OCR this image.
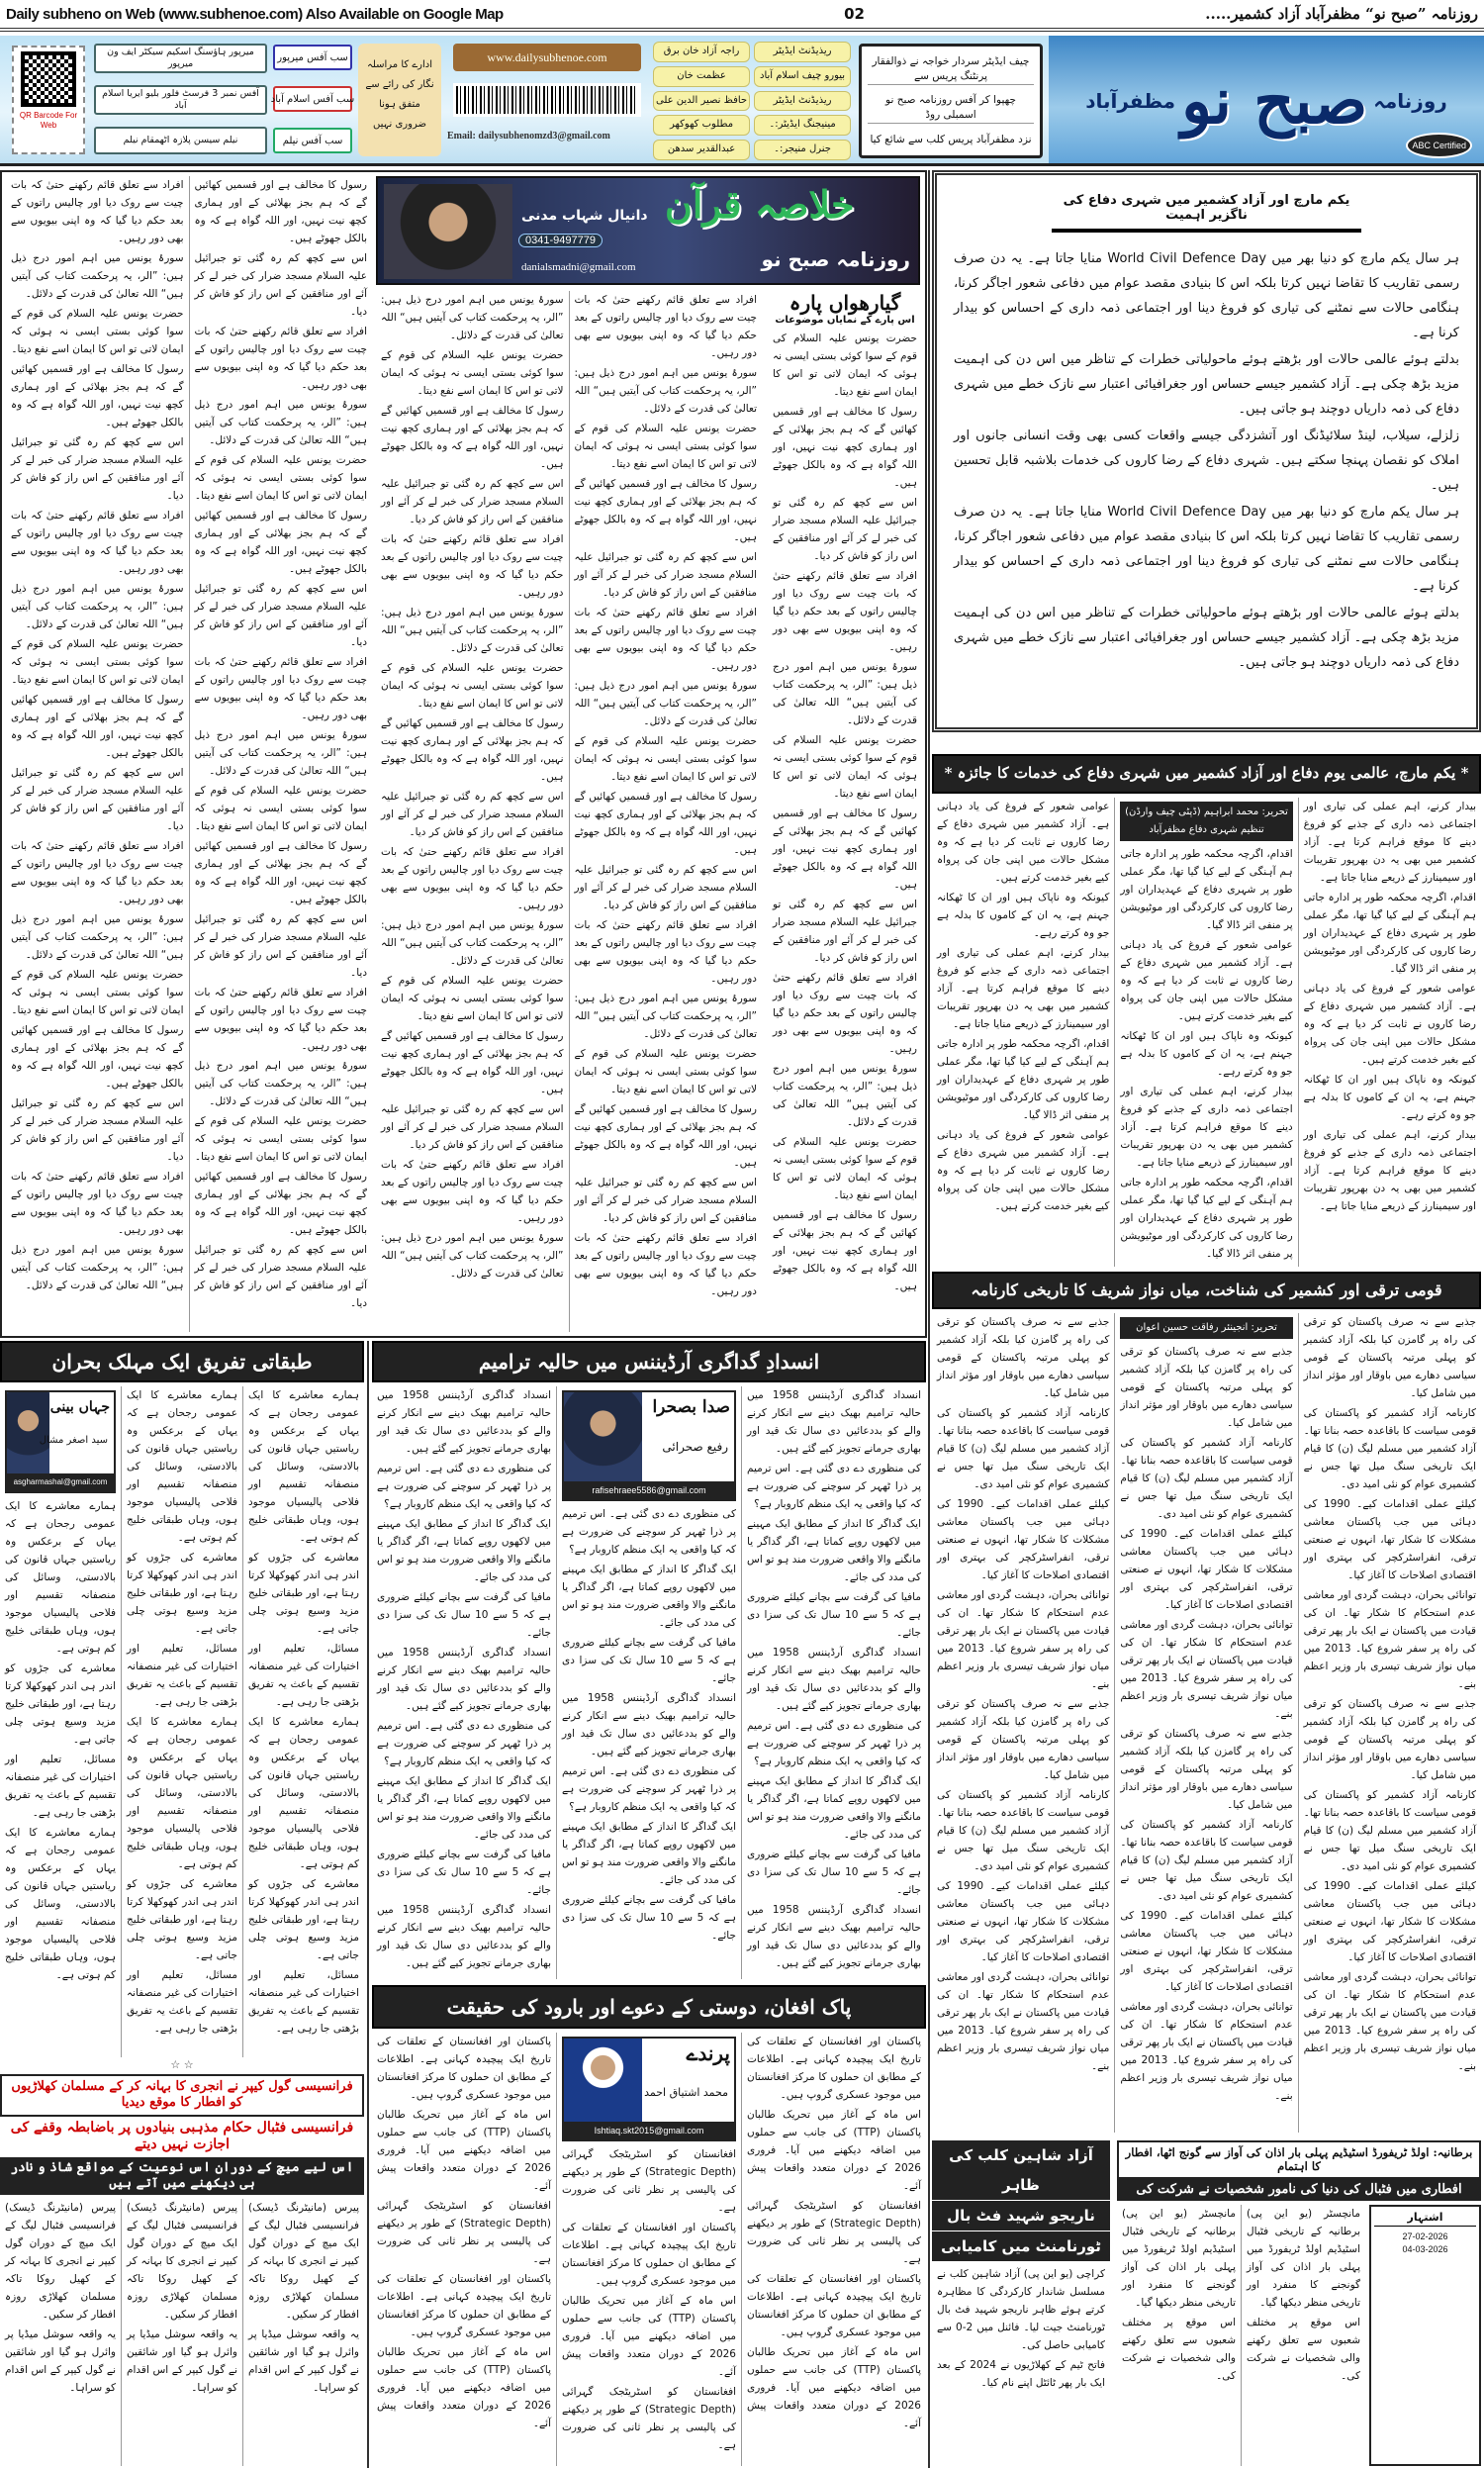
Daily subheno on Web (www.subhenoe.com) Also Available on Google Map	02	روزنامہ ”صبح نو“ مظفرآباد آزاد کشمیر.....
QR Barcode For Web
میرپور ہاؤسنگ اسکیم سیکٹر ایف ون میرپور
آفس نمبر 3 فرسٹ فلور بلیو ایریا اسلام آباد
نیلم سیسن پلازہ اٹھمقام نیلم
سب آفس میرپور
سب آفس اسلام آباد
سب آفس نیلم
ادارے کا مراسلہ نگار کی رائے سے متفق ہونا ضروری نہیں
www.dailysubhenoe.com
Email: dailysubhenomzd3@gmail.com
ریذیڈنٹ ایڈیٹر
راجہ آزاد خان برق
بیورو چیف اسلام آباد
عظمت خان
ریذیڈنٹ ایڈیٹر
حافظ نصیر الدین علی
مینیجنگ ایڈیٹر:۔
مطلوب کھوکھر
جنرل منیجر:۔
عبدالقدیر سدھن
چیف ایڈیٹر سردار خواجہ نے ذوالفقار پرنٹنگ پریس سے
چھپوا کر آفس روزنامہ صبح نو اسمبلی روڈ
نزد مظفرآباد پریس کلب سے شائع کیا
روزنامہ
صبح نو
مظفرآباد
ABC Certified

رسول کا مخالف ہے اور قسمیں کھائیں گے کہ ہم بجز بھلائی کے اور ہماری کچھ نیت نہیں، اور اللہ گواہ ہے کہ وہ بالکل جھوٹے ہیں۔

اس سے کچھ کم رہ گئی تو جبرائیل علیہ السلام مسجد ضرار کی خبر لے کر آئے اور منافقین کے اس راز کو فاش کر دیا۔

افراد سے تعلق قائم رکھنے حتیٰ کہ بات چیت سے روک دیا اور چالیس راتوں کے بعد حکم دیا گیا کہ وہ اپنی بیویوں سے بھی دور رہیں۔

سورۂ یونس میں اہم امور درج ذیل ہیں: ”الر، یہ پرحکمت کتاب کی آیتیں ہیں“ اللہ تعالیٰ کی قدرت کے دلائل۔

حضرت یونس علیہ السلام کی قوم کے سوا کوئی بستی ایسی نہ ہوئی کہ ایمان لاتی تو اس کا ایمان اسے نفع دیتا۔

رسول کا مخالف ہے اور قسمیں کھائیں گے کہ ہم بجز بھلائی کے اور ہماری کچھ نیت نہیں، اور اللہ گواہ ہے کہ وہ بالکل جھوٹے ہیں۔

اس سے کچھ کم رہ گئی تو جبرائیل علیہ السلام مسجد ضرار کی خبر لے کر آئے اور منافقین کے اس راز کو فاش کر دیا۔

افراد سے تعلق قائم رکھنے حتیٰ کہ بات چیت سے روک دیا اور چالیس راتوں کے بعد حکم دیا گیا کہ وہ اپنی بیویوں سے بھی دور رہیں۔

سورۂ یونس میں اہم امور درج ذیل ہیں: ”الر، یہ پرحکمت کتاب کی آیتیں ہیں“ اللہ تعالیٰ کی قدرت کے دلائل۔

حضرت یونس علیہ السلام کی قوم کے سوا کوئی بستی ایسی نہ ہوئی کہ ایمان لاتی تو اس کا ایمان اسے نفع دیتا۔

رسول کا مخالف ہے اور قسمیں کھائیں گے کہ ہم بجز بھلائی کے اور ہماری کچھ نیت نہیں، اور اللہ گواہ ہے کہ وہ بالکل جھوٹے ہیں۔

اس سے کچھ کم رہ گئی تو جبرائیل علیہ السلام مسجد ضرار کی خبر لے کر آئے اور منافقین کے اس راز کو فاش کر دیا۔

افراد سے تعلق قائم رکھنے حتیٰ کہ بات چیت سے روک دیا اور چالیس راتوں کے بعد حکم دیا گیا کہ وہ اپنی بیویوں سے بھی دور رہیں۔

سورۂ یونس میں اہم امور درج ذیل ہیں: ”الر، یہ پرحکمت کتاب کی آیتیں ہیں“ اللہ تعالیٰ کی قدرت کے دلائل۔

حضرت یونس علیہ السلام کی قوم کے سوا کوئی بستی ایسی نہ ہوئی کہ ایمان لاتی تو اس کا ایمان اسے نفع دیتا۔

رسول کا مخالف ہے اور قسمیں کھائیں گے کہ ہم بجز بھلائی کے اور ہماری کچھ نیت نہیں، اور اللہ گواہ ہے کہ وہ بالکل جھوٹے ہیں۔

اس سے کچھ کم رہ گئی تو جبرائیل علیہ السلام مسجد ضرار کی خبر لے کر آئے اور منافقین کے اس راز کو فاش کر دیا۔

افراد سے تعلق قائم رکھنے حتیٰ کہ بات چیت سے روک دیا اور چالیس راتوں کے بعد حکم دیا گیا کہ وہ اپنی بیویوں سے بھی دور رہیں۔

سورۂ یونس میں اہم امور درج ذیل ہیں: ”الر، یہ پرحکمت کتاب کی آیتیں ہیں“ اللہ تعالیٰ کی قدرت کے دلائل۔

حضرت یونس علیہ السلام کی قوم کے سوا کوئی بستی ایسی نہ ہوئی کہ ایمان لاتی تو اس کا ایمان اسے نفع دیتا۔

رسول کا مخالف ہے اور قسمیں کھائیں گے کہ ہم بجز بھلائی کے اور ہماری کچھ نیت نہیں، اور اللہ گواہ ہے کہ وہ بالکل جھوٹے ہیں۔

اس سے کچھ کم رہ گئی تو جبرائیل علیہ السلام مسجد ضرار کی خبر لے کر آئے اور منافقین کے اس راز کو فاش کر دیا۔

افراد سے تعلق قائم رکھنے حتیٰ کہ بات چیت سے روک دیا اور چالیس راتوں کے بعد حکم دیا گیا کہ وہ اپنی بیویوں سے بھی دور رہیں۔

سورۂ یونس میں اہم امور درج ذیل ہیں: ”الر، یہ پرحکمت کتاب کی آیتیں ہیں“ اللہ تعالیٰ کی قدرت کے دلائل۔

حضرت یونس علیہ السلام کی قوم کے سوا کوئی بستی ایسی نہ ہوئی کہ ایمان لاتی تو اس کا ایمان اسے نفع دیتا۔

رسول کا مخالف ہے اور قسمیں کھائیں گے کہ ہم بجز بھلائی کے اور ہماری کچھ نیت نہیں، اور اللہ گواہ ہے کہ وہ بالکل جھوٹے ہیں۔

اس سے کچھ کم رہ گئی تو جبرائیل علیہ السلام مسجد ضرار کی خبر لے کر آئے اور منافقین کے اس راز کو فاش کر دیا۔

افراد سے تعلق قائم رکھنے حتیٰ کہ بات چیت سے روک دیا اور چالیس راتوں کے بعد حکم دیا گیا کہ وہ اپنی بیویوں سے بھی دور رہیں۔

سورۂ یونس میں اہم امور درج ذیل ہیں: ”الر، یہ پرحکمت کتاب کی آیتیں ہیں“ اللہ تعالیٰ کی قدرت کے دلائل۔

حضرت یونس علیہ السلام کی قوم کے سوا کوئی بستی ایسی نہ ہوئی کہ ایمان لاتی تو اس کا ایمان اسے نفع دیتا۔

رسول کا مخالف ہے اور قسمیں کھائیں گے کہ ہم بجز بھلائی کے اور ہماری کچھ نیت نہیں، اور اللہ گواہ ہے کہ وہ بالکل جھوٹے ہیں۔

اس سے کچھ کم رہ گئی تو جبرائیل علیہ السلام مسجد ضرار کی خبر لے کر آئے اور منافقین کے اس راز کو فاش کر دیا۔

افراد سے تعلق قائم رکھنے حتیٰ کہ بات چیت سے روک دیا اور چالیس راتوں کے بعد حکم دیا گیا کہ وہ اپنی بیویوں سے بھی دور رہیں۔

سورۂ یونس میں اہم امور درج ذیل ہیں: ”الر، یہ پرحکمت کتاب کی آیتیں ہیں“ اللہ تعالیٰ کی قدرت کے دلائل۔

دانیال شہاب مدنی
0341-9497779
danialsmadni@gmail.com
خلاصہ قرآن
روزنامہ صبح نو

افراد سے تعلق قائم رکھنے حتیٰ کہ بات چیت سے روک دیا اور چالیس راتوں کے بعد حکم دیا گیا کہ وہ اپنی بیویوں سے بھی دور رہیں۔

سورۂ یونس میں اہم امور درج ذیل ہیں: ”الر، یہ پرحکمت کتاب کی آیتیں ہیں“ اللہ تعالیٰ کی قدرت کے دلائل۔

حضرت یونس علیہ السلام کی قوم کے سوا کوئی بستی ایسی نہ ہوئی کہ ایمان لاتی تو اس کا ایمان اسے نفع دیتا۔

رسول کا مخالف ہے اور قسمیں کھائیں گے کہ ہم بجز بھلائی کے اور ہماری کچھ نیت نہیں، اور اللہ گواہ ہے کہ وہ بالکل جھوٹے ہیں۔

اس سے کچھ کم رہ گئی تو جبرائیل علیہ السلام مسجد ضرار کی خبر لے کر آئے اور منافقین کے اس راز کو فاش کر دیا۔

افراد سے تعلق قائم رکھنے حتیٰ کہ بات چیت سے روک دیا اور چالیس راتوں کے بعد حکم دیا گیا کہ وہ اپنی بیویوں سے بھی دور رہیں۔

سورۂ یونس میں اہم امور درج ذیل ہیں: ”الر، یہ پرحکمت کتاب کی آیتیں ہیں“ اللہ تعالیٰ کی قدرت کے دلائل۔

حضرت یونس علیہ السلام کی قوم کے سوا کوئی بستی ایسی نہ ہوئی کہ ایمان لاتی تو اس کا ایمان اسے نفع دیتا۔

رسول کا مخالف ہے اور قسمیں کھائیں گے کہ ہم بجز بھلائی کے اور ہماری کچھ نیت نہیں، اور اللہ گواہ ہے کہ وہ بالکل جھوٹے ہیں۔

اس سے کچھ کم رہ گئی تو جبرائیل علیہ السلام مسجد ضرار کی خبر لے کر آئے اور منافقین کے اس راز کو فاش کر دیا۔

افراد سے تعلق قائم رکھنے حتیٰ کہ بات چیت سے روک دیا اور چالیس راتوں کے بعد حکم دیا گیا کہ وہ اپنی بیویوں سے بھی دور رہیں۔

سورۂ یونس میں اہم امور درج ذیل ہیں: ”الر، یہ پرحکمت کتاب کی آیتیں ہیں“ اللہ تعالیٰ کی قدرت کے دلائل۔

حضرت یونس علیہ السلام کی قوم کے سوا کوئی بستی ایسی نہ ہوئی کہ ایمان لاتی تو اس کا ایمان اسے نفع دیتا۔

رسول کا مخالف ہے اور قسمیں کھائیں گے کہ ہم بجز بھلائی کے اور ہماری کچھ نیت نہیں، اور اللہ گواہ ہے کہ وہ بالکل جھوٹے ہیں۔

اس سے کچھ کم رہ گئی تو جبرائیل علیہ السلام مسجد ضرار کی خبر لے کر آئے اور منافقین کے اس راز کو فاش کر دیا۔

افراد سے تعلق قائم رکھنے حتیٰ کہ بات چیت سے روک دیا اور چالیس راتوں کے بعد حکم دیا گیا کہ وہ اپنی بیویوں سے بھی دور رہیں۔

سورۂ یونس میں اہم امور درج ذیل ہیں: ”الر، یہ پرحکمت کتاب کی آیتیں ہیں“ اللہ تعالیٰ کی قدرت کے دلائل۔

حضرت یونس علیہ السلام کی قوم کے سوا کوئی بستی ایسی نہ ہوئی کہ ایمان لاتی تو اس کا ایمان اسے نفع دیتا۔

رسول کا مخالف ہے اور قسمیں کھائیں گے کہ ہم بجز بھلائی کے اور ہماری کچھ نیت نہیں، اور اللہ گواہ ہے کہ وہ بالکل جھوٹے ہیں۔

اس سے کچھ کم رہ گئی تو جبرائیل علیہ السلام مسجد ضرار کی خبر لے کر آئے اور منافقین کے اس راز کو فاش کر دیا۔

افراد سے تعلق قائم رکھنے حتیٰ کہ بات چیت سے روک دیا اور چالیس راتوں کے بعد حکم دیا گیا کہ وہ اپنی بیویوں سے بھی دور رہیں۔

سورۂ یونس میں اہم امور درج ذیل ہیں: ”الر، یہ پرحکمت کتاب کی آیتیں ہیں“ اللہ تعالیٰ کی قدرت کے دلائل۔

حضرت یونس علیہ السلام کی قوم کے سوا کوئی بستی ایسی نہ ہوئی کہ ایمان لاتی تو اس کا ایمان اسے نفع دیتا۔

رسول کا مخالف ہے اور قسمیں کھائیں گے کہ ہم بجز بھلائی کے اور ہماری کچھ نیت نہیں، اور اللہ گواہ ہے کہ وہ بالکل جھوٹے ہیں۔

اس سے کچھ کم رہ گئی تو جبرائیل علیہ السلام مسجد ضرار کی خبر لے کر آئے اور منافقین کے اس راز کو فاش کر دیا۔

افراد سے تعلق قائم رکھنے حتیٰ کہ بات چیت سے روک دیا اور چالیس راتوں کے بعد حکم دیا گیا کہ وہ اپنی بیویوں سے بھی دور رہیں۔

سورۂ یونس میں اہم امور درج ذیل ہیں: ”الر، یہ پرحکمت کتاب کی آیتیں ہیں“ اللہ تعالیٰ کی قدرت کے دلائل۔

حضرت یونس علیہ السلام کی قوم کے سوا کوئی بستی ایسی نہ ہوئی کہ ایمان لاتی تو اس کا ایمان اسے نفع دیتا۔

رسول کا مخالف ہے اور قسمیں کھائیں گے کہ ہم بجز بھلائی کے اور ہماری کچھ نیت نہیں، اور اللہ گواہ ہے کہ وہ بالکل جھوٹے ہیں۔

اس سے کچھ کم رہ گئی تو جبرائیل علیہ السلام مسجد ضرار کی خبر لے کر آئے اور منافقین کے اس راز کو فاش کر دیا۔

افراد سے تعلق قائم رکھنے حتیٰ کہ بات چیت سے روک دیا اور چالیس راتوں کے بعد حکم دیا گیا کہ وہ اپنی بیویوں سے بھی دور رہیں۔

سورۂ یونس میں اہم امور درج ذیل ہیں: ”الر، یہ پرحکمت کتاب کی آیتیں ہیں“ اللہ تعالیٰ کی قدرت کے دلائل۔

گیارھواں پارہ
اس پارے کے نمایاں موضوعات

حضرت یونس علیہ السلام کی قوم کے سوا کوئی بستی ایسی نہ ہوئی کہ ایمان لاتی تو اس کا ایمان اسے نفع دیتا۔

رسول کا مخالف ہے اور قسمیں کھائیں گے کہ ہم بجز بھلائی کے اور ہماری کچھ نیت نہیں، اور اللہ گواہ ہے کہ وہ بالکل جھوٹے ہیں۔

اس سے کچھ کم رہ گئی تو جبرائیل علیہ السلام مسجد ضرار کی خبر لے کر آئے اور منافقین کے اس راز کو فاش کر دیا۔

افراد سے تعلق قائم رکھنے حتیٰ کہ بات چیت سے روک دیا اور چالیس راتوں کے بعد حکم دیا گیا کہ وہ اپنی بیویوں سے بھی دور رہیں۔

سورۂ یونس میں اہم امور درج ذیل ہیں: ”الر، یہ پرحکمت کتاب کی آیتیں ہیں“ اللہ تعالیٰ کی قدرت کے دلائل۔

حضرت یونس علیہ السلام کی قوم کے سوا کوئی بستی ایسی نہ ہوئی کہ ایمان لاتی تو اس کا ایمان اسے نفع دیتا۔

رسول کا مخالف ہے اور قسمیں کھائیں گے کہ ہم بجز بھلائی کے اور ہماری کچھ نیت نہیں، اور اللہ گواہ ہے کہ وہ بالکل جھوٹے ہیں۔

اس سے کچھ کم رہ گئی تو جبرائیل علیہ السلام مسجد ضرار کی خبر لے کر آئے اور منافقین کے اس راز کو فاش کر دیا۔

افراد سے تعلق قائم رکھنے حتیٰ کہ بات چیت سے روک دیا اور چالیس راتوں کے بعد حکم دیا گیا کہ وہ اپنی بیویوں سے بھی دور رہیں۔

سورۂ یونس میں اہم امور درج ذیل ہیں: ”الر، یہ پرحکمت کتاب کی آیتیں ہیں“ اللہ تعالیٰ کی قدرت کے دلائل۔

حضرت یونس علیہ السلام کی قوم کے سوا کوئی بستی ایسی نہ ہوئی کہ ایمان لاتی تو اس کا ایمان اسے نفع دیتا۔

رسول کا مخالف ہے اور قسمیں کھائیں گے کہ ہم بجز بھلائی کے اور ہماری کچھ نیت نہیں، اور اللہ گواہ ہے کہ وہ بالکل جھوٹے ہیں۔

یکم مارچ اور آزاد کشمیر میں شہری دفاع کی ناگزیر اہمیت

ہر سال یکم مارچ کو دنیا بھر میں World Civil Defence Day منایا جاتا ہے۔ یہ دن صرف رسمی تقاریب کا تقاضا نہیں کرتا بلکہ اس کا بنیادی مقصد عوام میں دفاعی شعور اجاگر کرنا، ہنگامی حالات سے نمٹنے کی تیاری کو فروغ دینا اور اجتماعی ذمہ داری کے احساس کو بیدار کرنا ہے۔

بدلتے ہوئے عالمی حالات اور بڑھتے ہوئے ماحولیاتی خطرات کے تناظر میں اس دن کی اہمیت مزید بڑھ چکی ہے۔ آزاد کشمیر جیسے حساس اور جغرافیائی اعتبار سے نازک خطے میں شہری دفاع کی ذمہ داریاں دوچند ہو جاتی ہیں۔

زلزلے، سیلاب، لینڈ سلائیڈنگ اور آتشزدگی جیسے واقعات کسی بھی وقت انسانی جانوں اور املاک کو نقصان پہنچا سکتے ہیں۔ شہری دفاع کے رضا کاروں کی خدمات بلاشبہ قابل تحسین ہیں۔

ہر سال یکم مارچ کو دنیا بھر میں World Civil Defence Day منایا جاتا ہے۔ یہ دن صرف رسمی تقاریب کا تقاضا نہیں کرتا بلکہ اس کا بنیادی مقصد عوام میں دفاعی شعور اجاگر کرنا، ہنگامی حالات سے نمٹنے کی تیاری کو فروغ دینا اور اجتماعی ذمہ داری کے احساس کو بیدار کرنا ہے۔

بدلتے ہوئے عالمی حالات اور بڑھتے ہوئے ماحولیاتی خطرات کے تناظر میں اس دن کی اہمیت مزید بڑھ چکی ہے۔ آزاد کشمیر جیسے حساس اور جغرافیائی اعتبار سے نازک خطے میں شہری دفاع کی ذمہ داریاں دوچند ہو جاتی ہیں۔

* یکم مارچ، عالمی یوم دفاع اور آزاد کشمیر میں شہری دفاع کی خدمات کا جائزہ *

بیدار کرنے، اہم عملی کی تیاری اور اجتماعی ذمہ داری کے جذبے کو فروغ دینے کا موقع فراہم کرتا ہے۔ آزاد کشمیر میں بھی یہ دن بھرپور تقریبات اور سیمینارز کے ذریعے منایا جاتا ہے۔

اقدام، اگرچہ محکمہ طور پر ادارہ جاتی ہم آہنگی کے لیے کیا گیا تھا، مگر عملی طور پر شہری دفاع کے عہدیداران اور رضا کاروں کی کارکردگی اور موٹیویشن پر منفی اثر ڈالا گیا۔

عوامی شعور کے فروغ کی یاد دہانی ہے۔ آزاد کشمیر میں شہری دفاع کے رضا کاروں نے ثابت کر دیا ہے کہ وہ مشکل حالات میں اپنی جان کی پرواہ کیے بغیر خدمت کرتے ہیں۔

کیونکہ وہ ناپاک ہیں اور ان کا ٹھکانہ جہنم ہے، یہ ان کے کاموں کا بدلہ ہے جو وہ کرتے رہے۔

بیدار کرنے، اہم عملی کی تیاری اور اجتماعی ذمہ داری کے جذبے کو فروغ دینے کا موقع فراہم کرتا ہے۔ آزاد کشمیر میں بھی یہ دن بھرپور تقریبات اور سیمینارز کے ذریعے منایا جاتا ہے۔

تحریر: محمد ابراہیم (ڈپٹی چیف وارڈن)
تنظیم شہری دفاع مظفرآباد

اقدام، اگرچہ محکمہ طور پر ادارہ جاتی ہم آہنگی کے لیے کیا گیا تھا، مگر عملی طور پر شہری دفاع کے عہدیداران اور رضا کاروں کی کارکردگی اور موٹیویشن پر منفی اثر ڈالا گیا۔

عوامی شعور کے فروغ کی یاد دہانی ہے۔ آزاد کشمیر میں شہری دفاع کے رضا کاروں نے ثابت کر دیا ہے کہ وہ مشکل حالات میں اپنی جان کی پرواہ کیے بغیر خدمت کرتے ہیں۔

کیونکہ وہ ناپاک ہیں اور ان کا ٹھکانہ جہنم ہے، یہ ان کے کاموں کا بدلہ ہے جو وہ کرتے رہے۔

بیدار کرنے، اہم عملی کی تیاری اور اجتماعی ذمہ داری کے جذبے کو فروغ دینے کا موقع فراہم کرتا ہے۔ آزاد کشمیر میں بھی یہ دن بھرپور تقریبات اور سیمینارز کے ذریعے منایا جاتا ہے۔

اقدام، اگرچہ محکمہ طور پر ادارہ جاتی ہم آہنگی کے لیے کیا گیا تھا، مگر عملی طور پر شہری دفاع کے عہدیداران اور رضا کاروں کی کارکردگی اور موٹیویشن پر منفی اثر ڈالا گیا۔

عوامی شعور کے فروغ کی یاد دہانی ہے۔ آزاد کشمیر میں شہری دفاع کے رضا کاروں نے ثابت کر دیا ہے کہ وہ مشکل حالات میں اپنی جان کی پرواہ کیے بغیر خدمت کرتے ہیں۔

کیونکہ وہ ناپاک ہیں اور ان کا ٹھکانہ جہنم ہے، یہ ان کے کاموں کا بدلہ ہے جو وہ کرتے رہے۔

بیدار کرنے، اہم عملی کی تیاری اور اجتماعی ذمہ داری کے جذبے کو فروغ دینے کا موقع فراہم کرتا ہے۔ آزاد کشمیر میں بھی یہ دن بھرپور تقریبات اور سیمینارز کے ذریعے منایا جاتا ہے۔

اقدام، اگرچہ محکمہ طور پر ادارہ جاتی ہم آہنگی کے لیے کیا گیا تھا، مگر عملی طور پر شہری دفاع کے عہدیداران اور رضا کاروں کی کارکردگی اور موٹیویشن پر منفی اثر ڈالا گیا۔

عوامی شعور کے فروغ کی یاد دہانی ہے۔ آزاد کشمیر میں شہری دفاع کے رضا کاروں نے ثابت کر دیا ہے کہ وہ مشکل حالات میں اپنی جان کی پرواہ کیے بغیر خدمت کرتے ہیں۔

قومی ترقی اور کشمیر کی شناخت، میاں نواز شریف کا تاریخی کارنامہ

جذبے سے نہ صرف پاکستان کو ترقی کی راہ پر گامزن کیا بلکہ آزاد کشمیر کو پہلی مرتبہ پاکستان کے قومی سیاسی دھارے میں باوقار اور مؤثر انداز میں شامل کیا۔

کارنامہ آزاد کشمیر کو پاکستان کی قومی سیاست کا باقاعدہ حصہ بنانا تھا۔ آزاد کشمیر میں مسلم لیگ (ن) کا قیام ایک تاریخی سنگ میل تھا جس نے کشمیری عوام کو نئی امید دی۔

کیلئے عملی اقدامات کیے۔ 1990 کی دہائی میں جب پاکستان معاشی مشکلات کا شکار تھا، انہوں نے صنعتی ترقی، انفراسٹرکچر کی بہتری اور اقتصادی اصلاحات کا آغاز کیا۔

توانائی بحران، دہشت گردی اور معاشی عدم استحکام کا شکار تھا۔ ان کی قیادت میں پاکستان نے ایک بار پھر ترقی کی راہ پر سفر شروع کیا۔ 2013 میں میاں نواز شریف تیسری بار وزیر اعظم بنے۔

جذبے سے نہ صرف پاکستان کو ترقی کی راہ پر گامزن کیا بلکہ آزاد کشمیر کو پہلی مرتبہ پاکستان کے قومی سیاسی دھارے میں باوقار اور مؤثر انداز میں شامل کیا۔

کارنامہ آزاد کشمیر کو پاکستان کی قومی سیاست کا باقاعدہ حصہ بنانا تھا۔ آزاد کشمیر میں مسلم لیگ (ن) کا قیام ایک تاریخی سنگ میل تھا جس نے کشمیری عوام کو نئی امید دی۔

کیلئے عملی اقدامات کیے۔ 1990 کی دہائی میں جب پاکستان معاشی مشکلات کا شکار تھا، انہوں نے صنعتی ترقی، انفراسٹرکچر کی بہتری اور اقتصادی اصلاحات کا آغاز کیا۔

توانائی بحران، دہشت گردی اور معاشی عدم استحکام کا شکار تھا۔ ان کی قیادت میں پاکستان نے ایک بار پھر ترقی کی راہ پر سفر شروع کیا۔ 2013 میں میاں نواز شریف تیسری بار وزیر اعظم بنے۔

تحریر: انجینئر رفاقت حسین اعوان

جذبے سے نہ صرف پاکستان کو ترقی کی راہ پر گامزن کیا بلکہ آزاد کشمیر کو پہلی مرتبہ پاکستان کے قومی سیاسی دھارے میں باوقار اور مؤثر انداز میں شامل کیا۔

کارنامہ آزاد کشمیر کو پاکستان کی قومی سیاست کا باقاعدہ حصہ بنانا تھا۔ آزاد کشمیر میں مسلم لیگ (ن) کا قیام ایک تاریخی سنگ میل تھا جس نے کشمیری عوام کو نئی امید دی۔

کیلئے عملی اقدامات کیے۔ 1990 کی دہائی میں جب پاکستان معاشی مشکلات کا شکار تھا، انہوں نے صنعتی ترقی، انفراسٹرکچر کی بہتری اور اقتصادی اصلاحات کا آغاز کیا۔

توانائی بحران، دہشت گردی اور معاشی عدم استحکام کا شکار تھا۔ ان کی قیادت میں پاکستان نے ایک بار پھر ترقی کی راہ پر سفر شروع کیا۔ 2013 میں میاں نواز شریف تیسری بار وزیر اعظم بنے۔

جذبے سے نہ صرف پاکستان کو ترقی کی راہ پر گامزن کیا بلکہ آزاد کشمیر کو پہلی مرتبہ پاکستان کے قومی سیاسی دھارے میں باوقار اور مؤثر انداز میں شامل کیا۔

کارنامہ آزاد کشمیر کو پاکستان کی قومی سیاست کا باقاعدہ حصہ بنانا تھا۔ آزاد کشمیر میں مسلم لیگ (ن) کا قیام ایک تاریخی سنگ میل تھا جس نے کشمیری عوام کو نئی امید دی۔

کیلئے عملی اقدامات کیے۔ 1990 کی دہائی میں جب پاکستان معاشی مشکلات کا شکار تھا، انہوں نے صنعتی ترقی، انفراسٹرکچر کی بہتری اور اقتصادی اصلاحات کا آغاز کیا۔

توانائی بحران، دہشت گردی اور معاشی عدم استحکام کا شکار تھا۔ ان کی قیادت میں پاکستان نے ایک بار پھر ترقی کی راہ پر سفر شروع کیا۔ 2013 میں میاں نواز شریف تیسری بار وزیر اعظم بنے۔

جذبے سے نہ صرف پاکستان کو ترقی کی راہ پر گامزن کیا بلکہ آزاد کشمیر کو پہلی مرتبہ پاکستان کے قومی سیاسی دھارے میں باوقار اور مؤثر انداز میں شامل کیا۔

کارنامہ آزاد کشمیر کو پاکستان کی قومی سیاست کا باقاعدہ حصہ بنانا تھا۔ آزاد کشمیر میں مسلم لیگ (ن) کا قیام ایک تاریخی سنگ میل تھا جس نے کشمیری عوام کو نئی امید دی۔

کیلئے عملی اقدامات کیے۔ 1990 کی دہائی میں جب پاکستان معاشی مشکلات کا شکار تھا، انہوں نے صنعتی ترقی، انفراسٹرکچر کی بہتری اور اقتصادی اصلاحات کا آغاز کیا۔

توانائی بحران، دہشت گردی اور معاشی عدم استحکام کا شکار تھا۔ ان کی قیادت میں پاکستان نے ایک بار پھر ترقی کی راہ پر سفر شروع کیا۔ 2013 میں میاں نواز شریف تیسری بار وزیر اعظم بنے۔

جذبے سے نہ صرف پاکستان کو ترقی کی راہ پر گامزن کیا بلکہ آزاد کشمیر کو پہلی مرتبہ پاکستان کے قومی سیاسی دھارے میں باوقار اور مؤثر انداز میں شامل کیا۔

کارنامہ آزاد کشمیر کو پاکستان کی قومی سیاست کا باقاعدہ حصہ بنانا تھا۔ آزاد کشمیر میں مسلم لیگ (ن) کا قیام ایک تاریخی سنگ میل تھا جس نے کشمیری عوام کو نئی امید دی۔

کیلئے عملی اقدامات کیے۔ 1990 کی دہائی میں جب پاکستان معاشی مشکلات کا شکار تھا، انہوں نے صنعتی ترقی، انفراسٹرکچر کی بہتری اور اقتصادی اصلاحات کا آغاز کیا۔

توانائی بحران، دہشت گردی اور معاشی عدم استحکام کا شکار تھا۔ ان کی قیادت میں پاکستان نے ایک بار پھر ترقی کی راہ پر سفر شروع کیا۔ 2013 میں میاں نواز شریف تیسری بار وزیر اعظم بنے۔

طبقاتی تفریق ایک مہلک بحران

ہمارے معاشرے کا ایک عمومی رجحان ہے کہ یہاں کے برعکس وہ ریاستیں جہاں قانون کی بالادستی، وسائل کی منصفانہ تقسیم اور فلاحی پالیسیاں موجود ہوں، وہاں طبقاتی خلیج کم ہوتی ہے۔

معاشرے کی جڑوں کو اندر ہی اندر کھوکھلا کرتا رہتا ہے، اور طبقاتی خلیج مزید وسیع ہوتی چلی جاتی ہے۔

مسائل، تعلیم اور اختیارات کی غیر منصفانہ تقسیم کے باعث یہ تفریق بڑھتی جا رہی ہے۔

ہمارے معاشرے کا ایک عمومی رجحان ہے کہ یہاں کے برعکس وہ ریاستیں جہاں قانون کی بالادستی، وسائل کی منصفانہ تقسیم اور فلاحی پالیسیاں موجود ہوں، وہاں طبقاتی خلیج کم ہوتی ہے۔

معاشرے کی جڑوں کو اندر ہی اندر کھوکھلا کرتا رہتا ہے، اور طبقاتی خلیج مزید وسیع ہوتی چلی جاتی ہے۔

مسائل، تعلیم اور اختیارات کی غیر منصفانہ تقسیم کے باعث یہ تفریق بڑھتی جا رہی ہے۔

ہمارے معاشرے کا ایک عمومی رجحان ہے کہ یہاں کے برعکس وہ ریاستیں جہاں قانون کی بالادستی، وسائل کی منصفانہ تقسیم اور فلاحی پالیسیاں موجود ہوں، وہاں طبقاتی خلیج کم ہوتی ہے۔

معاشرے کی جڑوں کو اندر ہی اندر کھوکھلا کرتا رہتا ہے، اور طبقاتی خلیج مزید وسیع ہوتی چلی جاتی ہے۔

مسائل، تعلیم اور اختیارات کی غیر منصفانہ تقسیم کے باعث یہ تفریق بڑھتی جا رہی ہے۔

ہمارے معاشرے کا ایک عمومی رجحان ہے کہ یہاں کے برعکس وہ ریاستیں جہاں قانون کی بالادستی، وسائل کی منصفانہ تقسیم اور فلاحی پالیسیاں موجود ہوں، وہاں طبقاتی خلیج کم ہوتی ہے۔

معاشرے کی جڑوں کو اندر ہی اندر کھوکھلا کرتا رہتا ہے، اور طبقاتی خلیج مزید وسیع ہوتی چلی جاتی ہے۔

مسائل، تعلیم اور اختیارات کی غیر منصفانہ تقسیم کے باعث یہ تفریق بڑھتی جا رہی ہے۔

جہاں بینی
سید اصغر مشال
asgharmashal@gmail.com

ہمارے معاشرے کا ایک عمومی رجحان ہے کہ یہاں کے برعکس وہ ریاستیں جہاں قانون کی بالادستی، وسائل کی منصفانہ تقسیم اور فلاحی پالیسیاں موجود ہوں، وہاں طبقاتی خلیج کم ہوتی ہے۔

معاشرے کی جڑوں کو اندر ہی اندر کھوکھلا کرتا رہتا ہے، اور طبقاتی خلیج مزید وسیع ہوتی چلی جاتی ہے۔

مسائل، تعلیم اور اختیارات کی غیر منصفانہ تقسیم کے باعث یہ تفریق بڑھتی جا رہی ہے۔

ہمارے معاشرے کا ایک عمومی رجحان ہے کہ یہاں کے برعکس وہ ریاستیں جہاں قانون کی بالادستی، وسائل کی منصفانہ تقسیم اور فلاحی پالیسیاں موجود ہوں، وہاں طبقاتی خلیج کم ہوتی ہے۔

☆ ☆
فرانسیسی گول کیپر نے انجری کا بہانہ کر کے مسلمان کھلاڑیوں کو افطار کا موقع دیدیا
فرانسیسی فٹبال حکام مذہبی بنیادوں پر باضابطہ وقفے کی اجازت نہیں دیتے
اس لیے میچ کے دوران اس نوعیت کے مواقع شاذ و نادر ہی دیکھنے میں آتے ہیں

پیرس (مانیٹرنگ ڈیسک) فرانسیسی فٹبال لیگ کے ایک میچ کے دوران گول کیپر نے انجری کا بہانہ کر کے کھیل روکا تاکہ مسلمان کھلاڑی روزہ افطار کر سکیں۔

یہ واقعہ سوشل میڈیا پر وائرل ہو گیا اور شائقین نے گول کیپر کے اس اقدام کو سراہا۔

پیرس (مانیٹرنگ ڈیسک) فرانسیسی فٹبال لیگ کے ایک میچ کے دوران گول کیپر نے انجری کا بہانہ کر کے کھیل روکا تاکہ مسلمان کھلاڑی روزہ افطار کر سکیں۔

یہ واقعہ سوشل میڈیا پر وائرل ہو گیا اور شائقین نے گول کیپر کے اس اقدام کو سراہا۔

پیرس (مانیٹرنگ ڈیسک) فرانسیسی فٹبال لیگ کے ایک میچ کے دوران گول کیپر نے انجری کا بہانہ کر کے کھیل روکا تاکہ مسلمان کھلاڑی روزہ افطار کر سکیں۔

یہ واقعہ سوشل میڈیا پر وائرل ہو گیا اور شائقین نے گول کیپر کے اس اقدام کو سراہا۔

انسدادِ گداگری آرڈیننس میں حالیہ ترامیم

انسداد گداگری آرڈیننس 1958 میں حالیہ ترامیم بھیک دینے سے انکار کرنے والے کو بددعائیں دی سال تک قید اور بھاری جرمانے تجویز کیے گئے ہیں۔

کی منظوری دے دی گئی ہے۔ اس ترمیم پر ذرا ٹھہر کر سوچنے کی ضرورت ہے کہ کیا واقعی یہ ایک منظم کاروبار ہے؟

ایک گداگر کا انداز کے مطابق ایک مہینے میں لاکھوں روپے کماتا ہے، اگر گداگر یا مانگنے والا واقعی ضرورت مند ہو تو اس کی مدد کی جائے۔

مافیا کی گرفت سے بچانے کیلئے ضروری ہے کہ 5 سے 10 سال تک کی سزا دی جائے۔

انسداد گداگری آرڈیننس 1958 میں حالیہ ترامیم بھیک دینے سے انکار کرنے والے کو بددعائیں دی سال تک قید اور بھاری جرمانے تجویز کیے گئے ہیں۔

کی منظوری دے دی گئی ہے۔ اس ترمیم پر ذرا ٹھہر کر سوچنے کی ضرورت ہے کہ کیا واقعی یہ ایک منظم کاروبار ہے؟

ایک گداگر کا انداز کے مطابق ایک مہینے میں لاکھوں روپے کماتا ہے، اگر گداگر یا مانگنے والا واقعی ضرورت مند ہو تو اس کی مدد کی جائے۔

مافیا کی گرفت سے بچانے کیلئے ضروری ہے کہ 5 سے 10 سال تک کی سزا دی جائے۔

انسداد گداگری آرڈیننس 1958 میں حالیہ ترامیم بھیک دینے سے انکار کرنے والے کو بددعائیں دی سال تک قید اور بھاری جرمانے تجویز کیے گئے ہیں۔

صدا بصحرا
رفیع صحرائی
rafisehraee5586@gmail.com

کی منظوری دے دی گئی ہے۔ اس ترمیم پر ذرا ٹھہر کر سوچنے کی ضرورت ہے کہ کیا واقعی یہ ایک منظم کاروبار ہے؟

ایک گداگر کا انداز کے مطابق ایک مہینے میں لاکھوں روپے کماتا ہے، اگر گداگر یا مانگنے والا واقعی ضرورت مند ہو تو اس کی مدد کی جائے۔

مافیا کی گرفت سے بچانے کیلئے ضروری ہے کہ 5 سے 10 سال تک کی سزا دی جائے۔

انسداد گداگری آرڈیننس 1958 میں حالیہ ترامیم بھیک دینے سے انکار کرنے والے کو بددعائیں دی سال تک قید اور بھاری جرمانے تجویز کیے گئے ہیں۔

کی منظوری دے دی گئی ہے۔ اس ترمیم پر ذرا ٹھہر کر سوچنے کی ضرورت ہے کہ کیا واقعی یہ ایک منظم کاروبار ہے؟

ایک گداگر کا انداز کے مطابق ایک مہینے میں لاکھوں روپے کماتا ہے، اگر گداگر یا مانگنے والا واقعی ضرورت مند ہو تو اس کی مدد کی جائے۔

مافیا کی گرفت سے بچانے کیلئے ضروری ہے کہ 5 سے 10 سال تک کی سزا دی جائے۔

انسداد گداگری آرڈیننس 1958 میں حالیہ ترامیم بھیک دینے سے انکار کرنے والے کو بددعائیں دی سال تک قید اور بھاری جرمانے تجویز کیے گئے ہیں۔

کی منظوری دے دی گئی ہے۔ اس ترمیم پر ذرا ٹھہر کر سوچنے کی ضرورت ہے کہ کیا واقعی یہ ایک منظم کاروبار ہے؟

ایک گداگر کا انداز کے مطابق ایک مہینے میں لاکھوں روپے کماتا ہے، اگر گداگر یا مانگنے والا واقعی ضرورت مند ہو تو اس کی مدد کی جائے۔

مافیا کی گرفت سے بچانے کیلئے ضروری ہے کہ 5 سے 10 سال تک کی سزا دی جائے۔

انسداد گداگری آرڈیننس 1958 میں حالیہ ترامیم بھیک دینے سے انکار کرنے والے کو بددعائیں دی سال تک قید اور بھاری جرمانے تجویز کیے گئے ہیں۔

کی منظوری دے دی گئی ہے۔ اس ترمیم پر ذرا ٹھہر کر سوچنے کی ضرورت ہے کہ کیا واقعی یہ ایک منظم کاروبار ہے؟

ایک گداگر کا انداز کے مطابق ایک مہینے میں لاکھوں روپے کماتا ہے، اگر گداگر یا مانگنے والا واقعی ضرورت مند ہو تو اس کی مدد کی جائے۔

مافیا کی گرفت سے بچانے کیلئے ضروری ہے کہ 5 سے 10 سال تک کی سزا دی جائے۔

انسداد گداگری آرڈیننس 1958 میں حالیہ ترامیم بھیک دینے سے انکار کرنے والے کو بددعائیں دی سال تک قید اور بھاری جرمانے تجویز کیے گئے ہیں۔

پاک افغان، دوستی کے دعوے اور بارود کی حقیقت

پاکستان اور افغانستان کے تعلقات کی تاریخ ایک پیچیدہ کہانی ہے۔ اطلاعات کے مطابق ان حملوں کا مرکز افغانستان میں موجود عسکری گروپ ہیں۔

اس ماہ کے آغاز میں تحریک طالبان پاکستان (TTP) کی جانب سے حملوں میں اضافہ دیکھنے میں آیا۔ فروری 2026 کے دوران متعدد واقعات پیش آئے۔

افغانستان کو اسٹریٹجک گہرائی (Strategic Depth) کے طور پر دیکھنے کی پالیسی پر نظر ثانی کی ضرورت ہے۔

پاکستان اور افغانستان کے تعلقات کی تاریخ ایک پیچیدہ کہانی ہے۔ اطلاعات کے مطابق ان حملوں کا مرکز افغانستان میں موجود عسکری گروپ ہیں۔

اس ماہ کے آغاز میں تحریک طالبان پاکستان (TTP) کی جانب سے حملوں میں اضافہ دیکھنے میں آیا۔ فروری 2026 کے دوران متعدد واقعات پیش آئے۔

پرندے
محمد اشتیاق احمد
Ishtiaq.skt2015@gmail.com

افغانستان کو اسٹریٹجک گہرائی (Strategic Depth) کے طور پر دیکھنے کی پالیسی پر نظر ثانی کی ضرورت ہے۔

پاکستان اور افغانستان کے تعلقات کی تاریخ ایک پیچیدہ کہانی ہے۔ اطلاعات کے مطابق ان حملوں کا مرکز افغانستان میں موجود عسکری گروپ ہیں۔

اس ماہ کے آغاز میں تحریک طالبان پاکستان (TTP) کی جانب سے حملوں میں اضافہ دیکھنے میں آیا۔ فروری 2026 کے دوران متعدد واقعات پیش آئے۔

افغانستان کو اسٹریٹجک گہرائی (Strategic Depth) کے طور پر دیکھنے کی پالیسی پر نظر ثانی کی ضرورت ہے۔

پاکستان اور افغانستان کے تعلقات کی تاریخ ایک پیچیدہ کہانی ہے۔ اطلاعات کے مطابق ان حملوں کا مرکز افغانستان میں موجود عسکری گروپ ہیں۔

اس ماہ کے آغاز میں تحریک طالبان پاکستان (TTP) کی جانب سے حملوں میں اضافہ دیکھنے میں آیا۔ فروری 2026 کے دوران متعدد واقعات پیش آئے۔

افغانستان کو اسٹریٹجک گہرائی (Strategic Depth) کے طور پر دیکھنے کی پالیسی پر نظر ثانی کی ضرورت ہے۔

پاکستان اور افغانستان کے تعلقات کی تاریخ ایک پیچیدہ کہانی ہے۔ اطلاعات کے مطابق ان حملوں کا مرکز افغانستان میں موجود عسکری گروپ ہیں۔

اس ماہ کے آغاز میں تحریک طالبان پاکستان (TTP) کی جانب سے حملوں میں اضافہ دیکھنے میں آیا۔ فروری 2026 کے دوران متعدد واقعات پیش آئے۔

آزاد شاہین کلب کی ظاہر
ناریجو شہید فٹ بال
ٹورنامنٹ میں کامیابی

کراچی (یو این پی) آزاد شاہین کلب نے مسلسل شاندار کارکردگی کا مظاہرہ کرتے ہوئے ظاہر ناریجو شہید فٹ بال ٹورنامنٹ جیت لیا۔ فائنل میں 2-0 سے کامیابی حاصل کی۔

فاتح ٹیم کے کھلاڑیوں نے 2024 کے بعد ایک بار پھر ٹائٹل اپنے نام کیا۔

برطانیہ: اولڈ ٹریفورڈ اسٹیڈیم پہلی بار اذان کی آواز سے گونج اٹھا، افطار کا اہتمام
افطاری میں فٹبال کی دنیا کی نامور شخصیات نے شرکت کی

مانچسٹر (یو این پی) برطانیہ کے تاریخی فٹبال اسٹیڈیم اولڈ ٹریفورڈ میں پہلی بار اذان کی آواز گونجنے کا منفرد اور تاریخی منظر دیکھا گیا۔

اس موقع پر مختلف شعبوں سے تعلق رکھنے والی شخصیات نے شرکت کی۔

مانچسٹر (یو این پی) برطانیہ کے تاریخی فٹبال اسٹیڈیم اولڈ ٹریفورڈ میں پہلی بار اذان کی آواز گونجنے کا منفرد اور تاریخی منظر دیکھا گیا۔

اس موقع پر مختلف شعبوں سے تعلق رکھنے والی شخصیات نے شرکت کی۔

اشتہار
27-02-2026
04-03-2026
